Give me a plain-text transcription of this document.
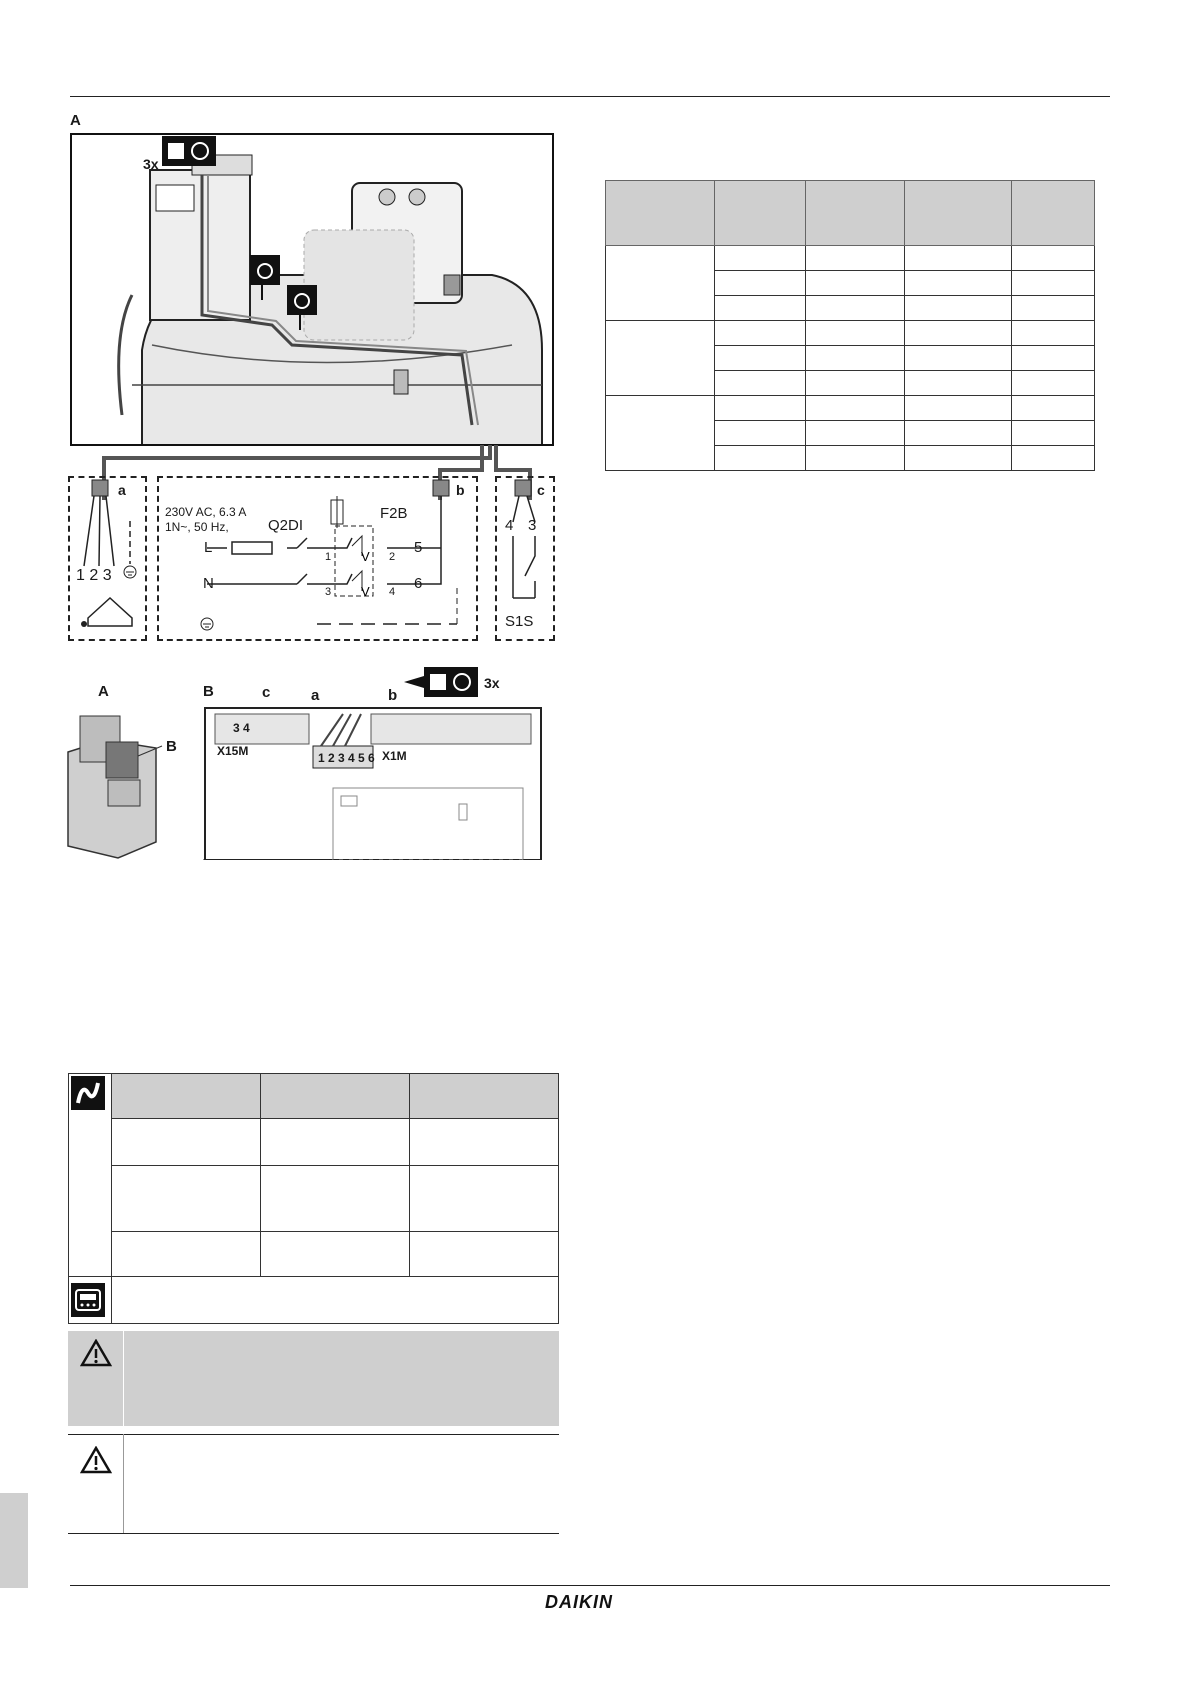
A
3x
a
1 2 3
V
V
b
230V AC, 6.3 A
1N~, 50 Hz,	Q2DI
F2B
L
N
1	2
3	4
5
6
c
4 3
S1S
A
B
B	c	a	b
3x
X15M
3 4
X1M
1 2 3 4 5 6

DAIKIN
